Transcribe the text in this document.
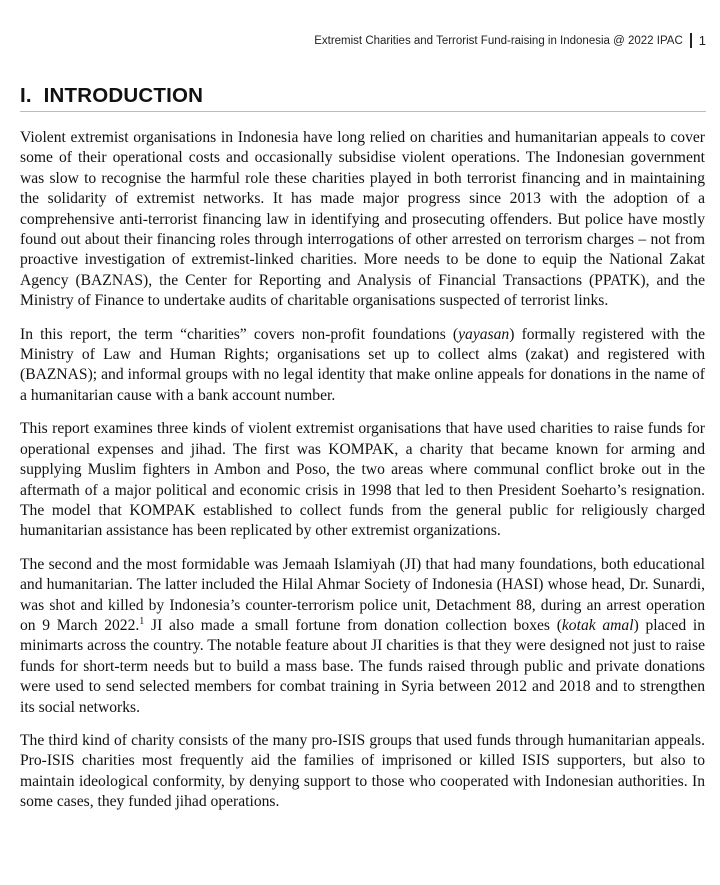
Extremist Charities and Terrorist Fund-raising in Indonesia @ 2022 IPAC 1
I.  INTRODUCTION

Violent extremist organisations in Indonesia have long relied on charities and humanitarian appeals to cover some of their operational costs and occasionally subsidise violent operations. The Indonesian government was slow to recognise the harmful role these charities played in both terrorist financing and in maintaining the solidarity of extremist networks. It has made major progress since 2013 with the adoption of a comprehensive anti-terrorist financing law in identifying and prosecuting offenders. But police have mostly found out about their financing roles through interrogations of other arrested on terrorism charges – not from proactive investigation of extremist-linked charities. More needs to be done to equip the National Zakat Agency (BAZNAS), the Center for Reporting and Analysis of Financial Transactions (PPATK), and the Ministry of Finance to undertake audits of charitable organisations suspected of terrorist links.

In this report, the term “charities” covers non-profit foundations (yayasan) formally registered with the Ministry of Law and Human Rights; organisations set up to collect alms (zakat) and registered with (BAZNAS); and informal groups with no legal identity that make online appeals for donations in the name of a humanitarian cause with a bank account number.

This report examines three kinds of violent extremist organisations that have used charities to raise funds for operational expenses and jihad. The first was KOMPAK, a charity that became known for arming and supplying Muslim fighters in Ambon and Poso, the two areas where communal conflict broke out in the aftermath of a major political and economic crisis in 1998 that led to then President Soeharto’s resignation. The model that KOMPAK established to collect funds from the general public for religiously charged humanitarian assistance has been replicated by other extremist organizations.

The second and the most formidable was Jemaah Islamiyah (JI) that had many foundations, both educational and humanitarian. The latter included the Hilal Ahmar Society of Indonesia (HASI) whose head, Dr. Sunardi, was shot and killed by Indonesia’s counter-terrorism police unit, Detachment 88, during an arrest operation on 9 March 2022.$^1$ JI also made a small fortune from donation collection boxes (kotak amal) placed in minimarts across the country. The notable feature about JI charities is that they were designed not just to raise funds for short-term needs but to build a mass base. The funds raised through public and private donations were used to send selected members for combat training in Syria between 2012 and 2018 and to strengthen its social networks.

The third kind of charity consists of the many pro-ISIS groups that used funds through humanitarian appeals. Pro-ISIS charities most frequently aid the families of imprisoned or killed ISIS supporters, but also to maintain ideological conformity, by denying support to those who cooperated with Indonesian authorities. In some cases, they funded jihad operations.
